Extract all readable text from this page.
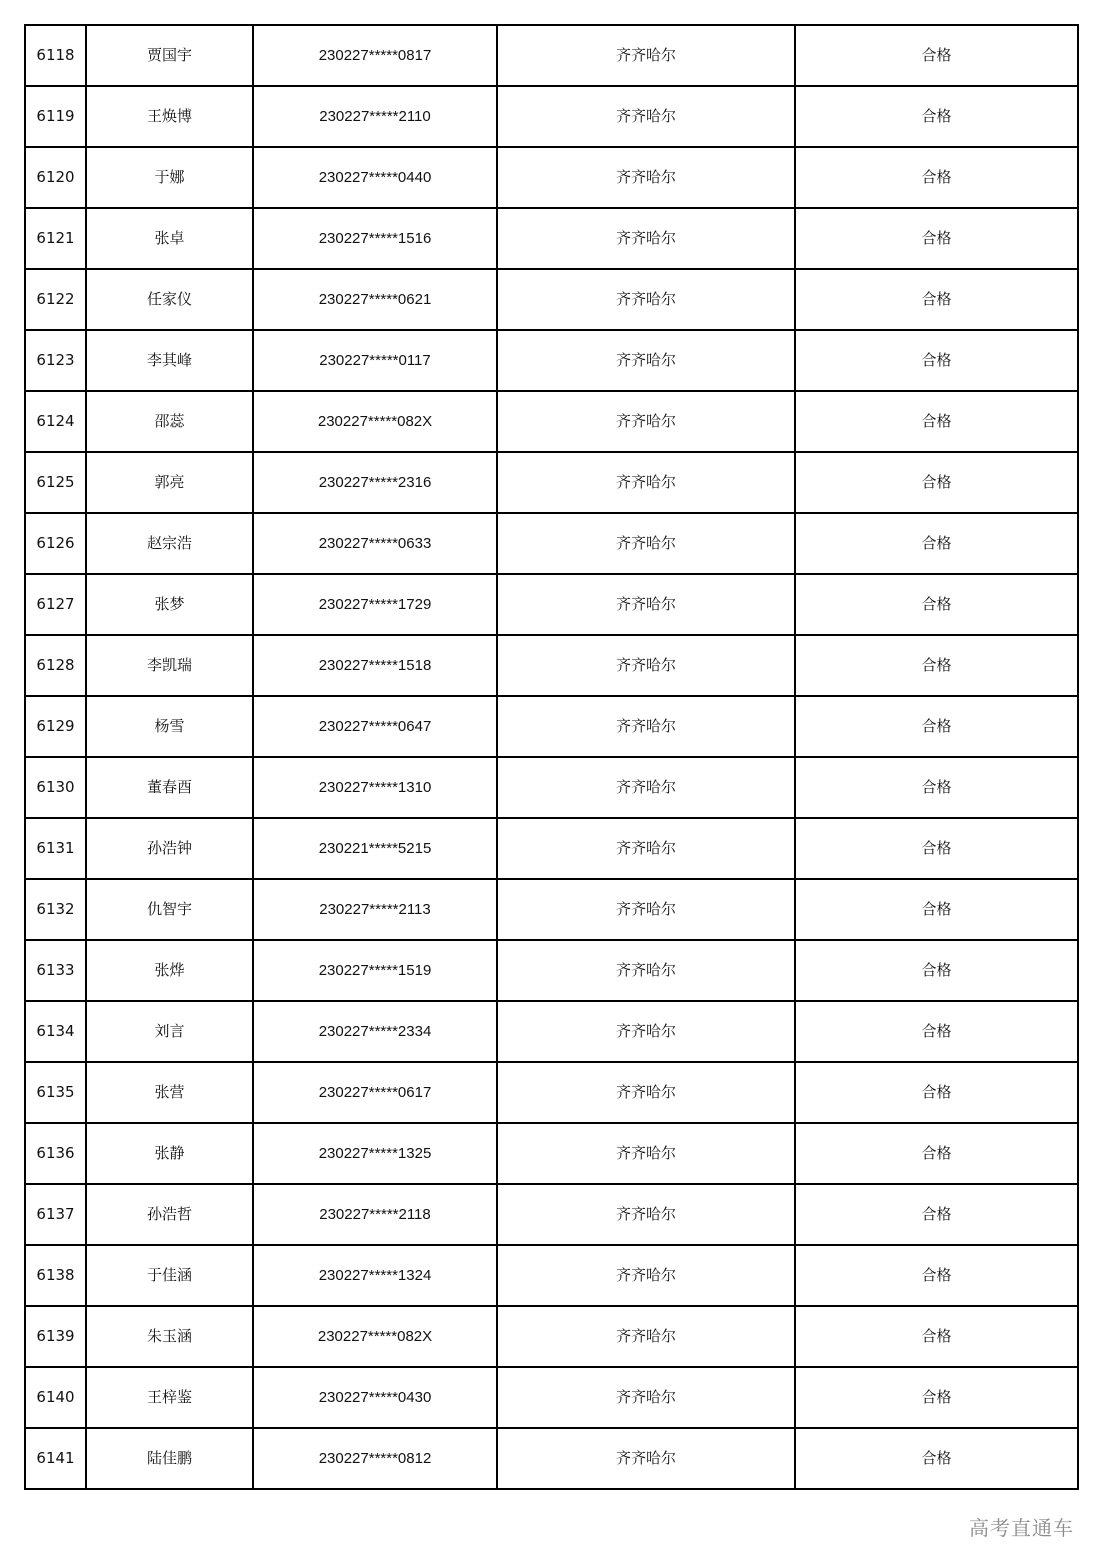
6118	贾国宇	230227*****0817	齐齐哈尔	合格
6119	王焕博	230227*****2110	齐齐哈尔	合格
6120	于娜	230227*****0440	齐齐哈尔	合格
6121	张卓	230227*****1516	齐齐哈尔	合格
6122	任家仪	230227*****0621	齐齐哈尔	合格
6123	李其峰	230227*****0117	齐齐哈尔	合格
6124	邵蕊	230227*****082X	齐齐哈尔	合格
6125	郭亮	230227*****2316	齐齐哈尔	合格
6126	赵宗浩	230227*****0633	齐齐哈尔	合格
6127	张梦	230227*****1729	齐齐哈尔	合格
6128	李凯瑞	230227*****1518	齐齐哈尔	合格
6129	杨雪	230227*****0647	齐齐哈尔	合格
6130	董春酉	230227*****1310	齐齐哈尔	合格
6131	孙浩钟	230221*****5215	齐齐哈尔	合格
6132	仇智宇	230227*****2113	齐齐哈尔	合格
6133	张烨	230227*****1519	齐齐哈尔	合格
6134	刘言	230227*****2334	齐齐哈尔	合格
6135	张营	230227*****0617	齐齐哈尔	合格
6136	张静	230227*****1325	齐齐哈尔	合格
6137	孙浩哲	230227*****2118	齐齐哈尔	合格
6138	于佳涵	230227*****1324	齐齐哈尔	合格
6139	朱玉涵	230227*****082X	齐齐哈尔	合格
6140	王梓鉴	230227*****0430	齐齐哈尔	合格
6141	陆佳鹏	230227*****0812	齐齐哈尔	合格
高考直通车
